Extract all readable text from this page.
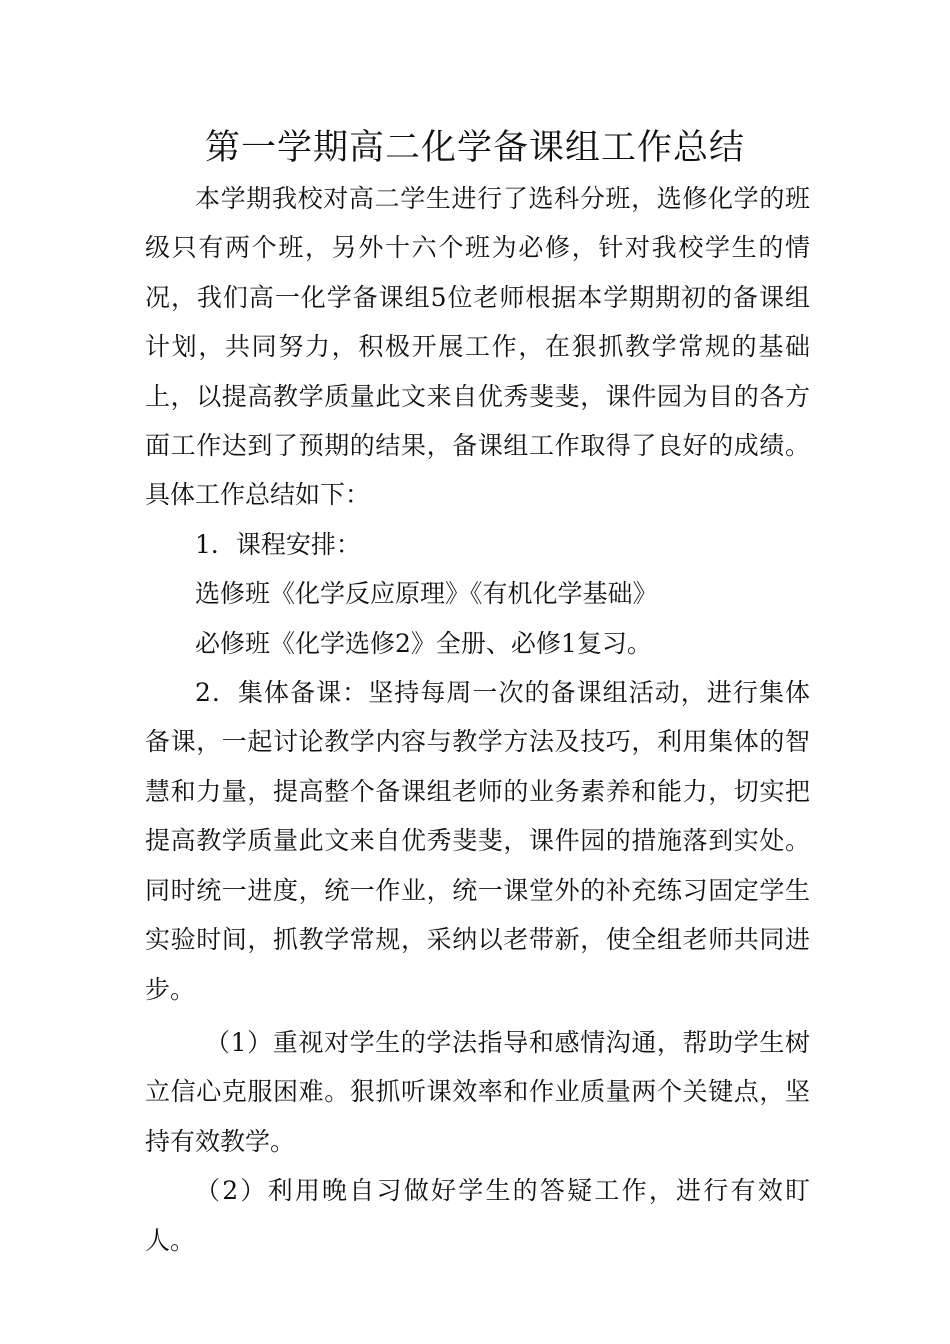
第一学期高二化学备课组工作总结

本学期我校对高二学生进行了选科分班，选修化学的班级只有两个班，另外十六个班为必修，针对我校学生的情况，我们高一化学备课组5位老师根据本学期期初的备课组计划，共同努力，积极开展工作，在狠抓教学常规的基础上，以提高教学质量此文来自优秀斐斐，课件园为目的各方面工作达到了预期的结果，备课组工作取得了良好的成绩。具体工作总结如下：

1．课程安排：

选修班《化学反应原理》《有机化学基础》

必修班《化学选修2》全册、必修1复习。

2．集体备课：坚持每周一次的备课组活动，进行集体备课，一起讨论教学内容与教学方法及技巧，利用集体的智慧和力量，提高整个备课组老师的业务素养和能力，切实把提高教学质量此文来自优秀斐斐，课件园的措施落到实处。同时统一进度，统一作业，统一课堂外的补充练习固定学生实验时间，抓教学常规，采纳以老带新，使全组老师共同进步。

（1）重视对学生的学法指导和感情沟通，帮助学生树立信心克服困难。狠抓听课效率和作业质量两个关键点，坚持有效教学。

（2）利用晚自习做好学生的答疑工作，进行有效盯人。
